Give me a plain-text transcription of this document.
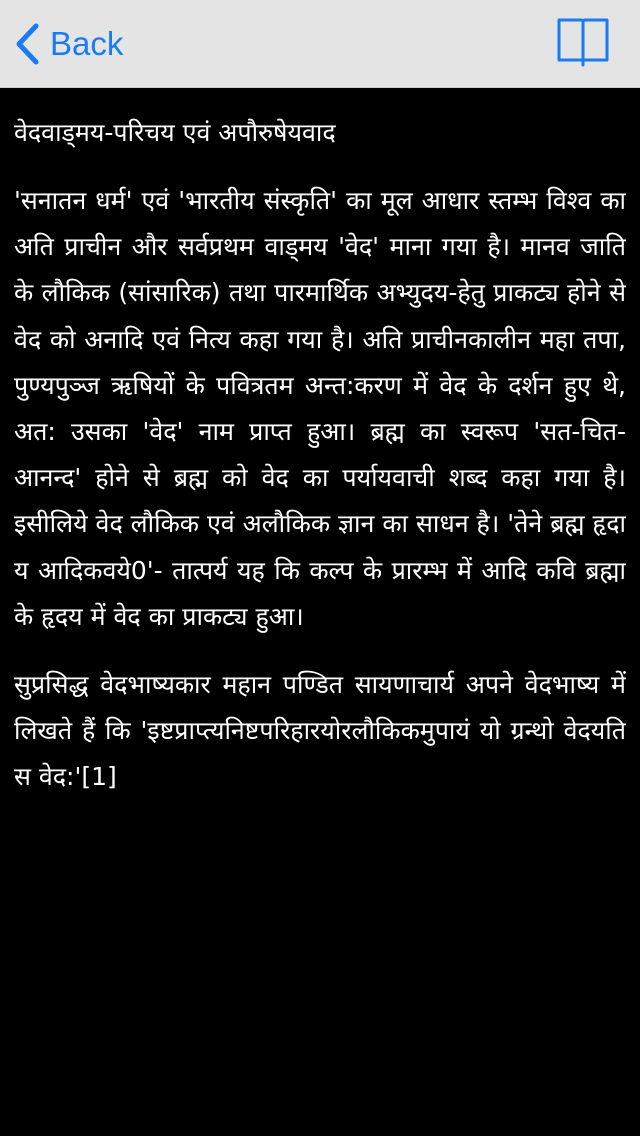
Back
वेदवाड्मय-परिचय एवं अपौरुषेयवाद

'सनातन धर्म' एवं 'भारतीय संस्कृति' का मूल आधार स्तम्भ विश्व का अति प्राचीन और सर्वप्रथम वाड्मय 'वेद' माना गया है। मानव जाति के लौकिक (सांसारिक) तथा पारमार्थिक अभ्युदय-हेतु प्राकट्य होने से वेद को अनादि एवं नित्य कहा गया है। अति प्राचीनकालीन महा तपा, पुण्यपुञ्ज ऋषियों के पवित्रतम अन्त:करण में वेद के दर्शन हुए थे, अत: उसका 'वेद' नाम प्राप्त हुआ। ब्रह्म का स्वरूप 'सत-चित-आनन्द' होने से ब्रह्म को वेद का पर्यायवाची शब्द कहा गया है। इसीलिये वेद लौकिक एवं अलौकिक ज्ञान का साधन है। 'तेने ब्रह्म हृदा य आदिकवये0'- तात्पर्य यह कि कल्प के प्रारम्भ में आदि कवि ब्रह्मा के हृदय में वेद का प्राकट्य हुआ।

सुप्रसिद्ध वेदभाष्यकार महान पण्डित सायणाचार्य अपने वेदभाष्य में लिखते हैं कि 'इष्टप्राप्त्यनिष्टपरिहारयोरलौकिकमुपायं यो ग्रन्थो वेदयति स वेद:'[1]
